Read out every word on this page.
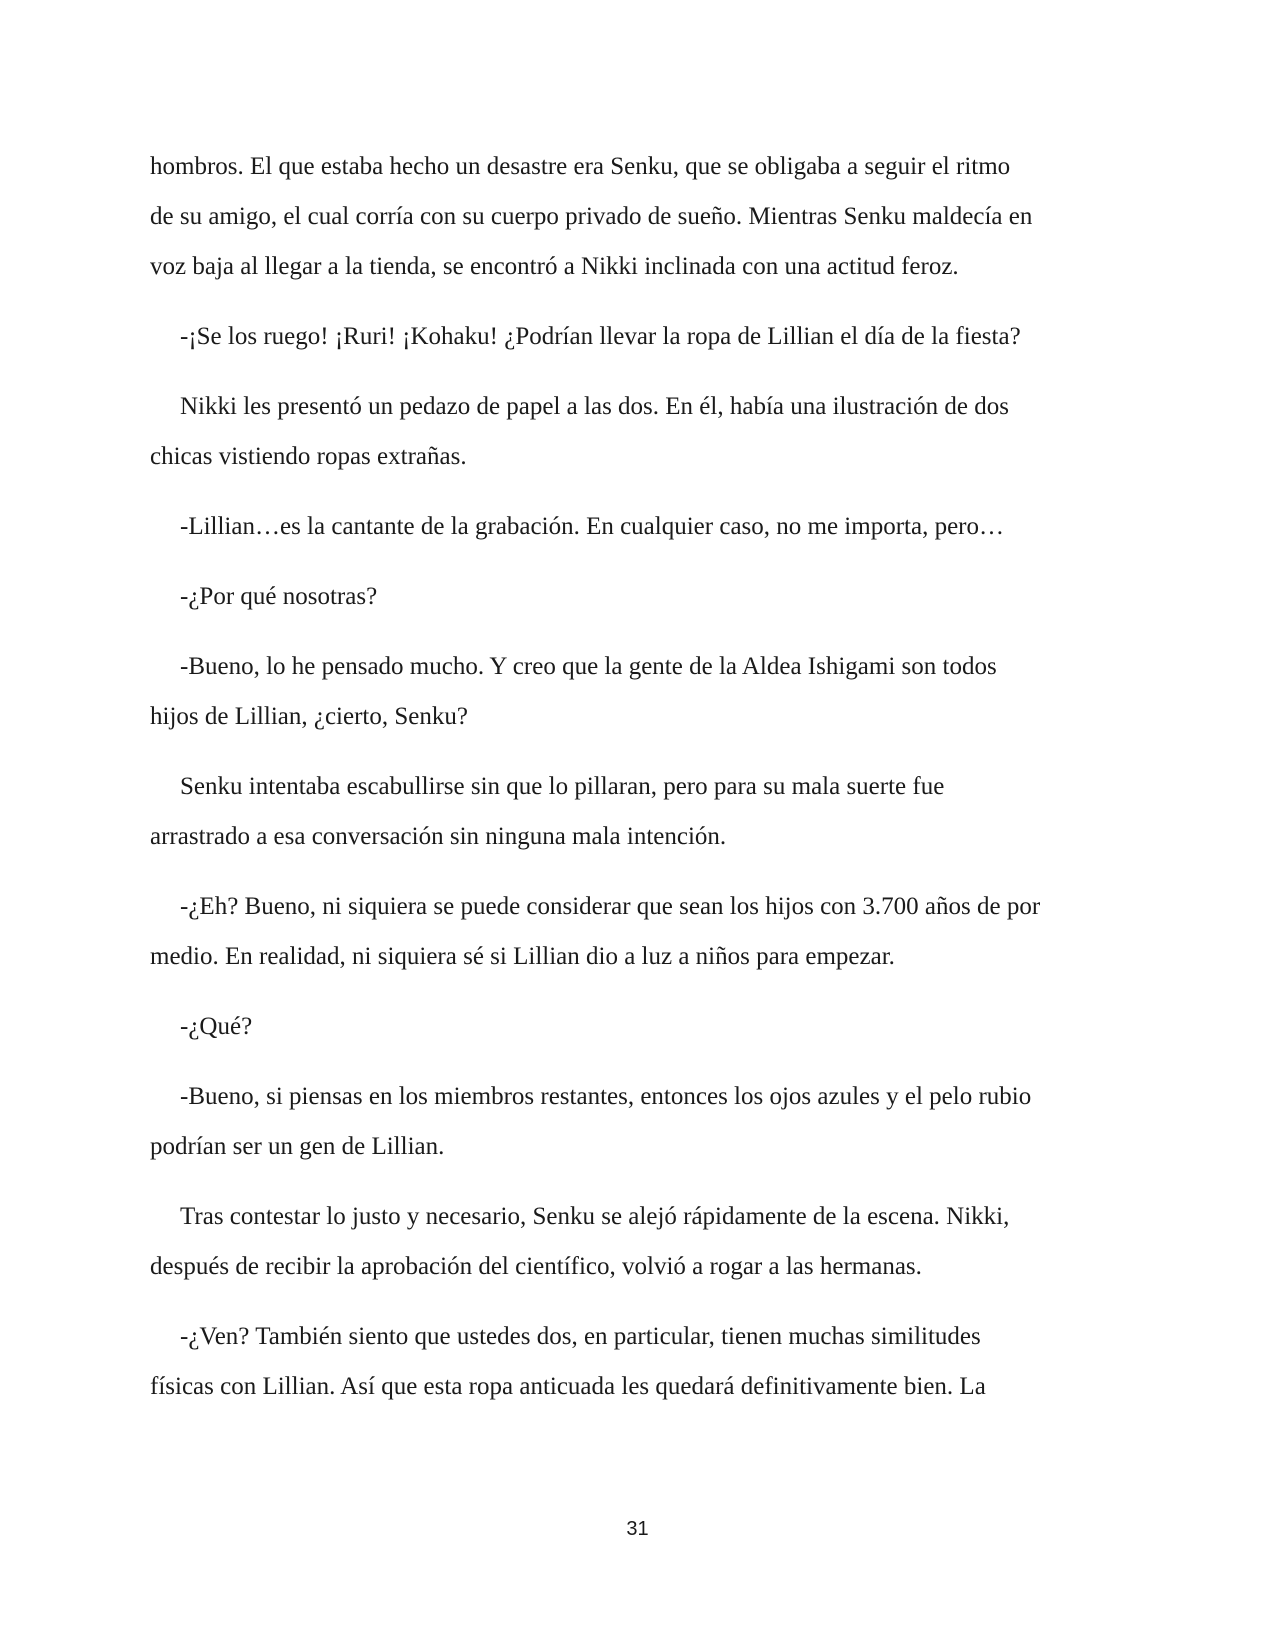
hombros. El que estaba hecho un desastre era Senku, que se obligaba a seguir el ritmo
de su amigo, el cual corría con su cuerpo privado de sueño. Mientras Senku maldecía en
voz baja al llegar a la tienda, se encontró a Nikki inclinada con una actitud feroz.

-¡Se los ruego! ¡Ruri! ¡Kohaku! ¿Podrían llevar la ropa de Lillian el día de la fiesta?

Nikki les presentó un pedazo de papel a las dos. En él, había una ilustración de dos
chicas vistiendo ropas extrañas.

-Lillian…es la cantante de la grabación. En cualquier caso, no me importa, pero…

-¿Por qué nosotras?

-Bueno, lo he pensado mucho. Y creo que la gente de la Aldea Ishigami son todos
hijos de Lillian, ¿cierto, Senku?

Senku intentaba escabullirse sin que lo pillaran, pero para su mala suerte fue
arrastrado a esa conversación sin ninguna mala intención.

-¿Eh? Bueno, ni siquiera se puede considerar que sean los hijos con 3.700 años de por
medio. En realidad, ni siquiera sé si Lillian dio a luz a niños para empezar.

-¿Qué?

-Bueno, si piensas en los miembros restantes, entonces los ojos azules y el pelo rubio
podrían ser un gen de Lillian.

Tras contestar lo justo y necesario, Senku se alejó rápidamente de la escena. Nikki,
después de recibir la aprobación del científico, volvió a rogar a las hermanas.

-¿Ven? También siento que ustedes dos, en particular, tienen muchas similitudes
físicas con Lillian. Así que esta ropa anticuada les quedará definitivamente bien. La

31
